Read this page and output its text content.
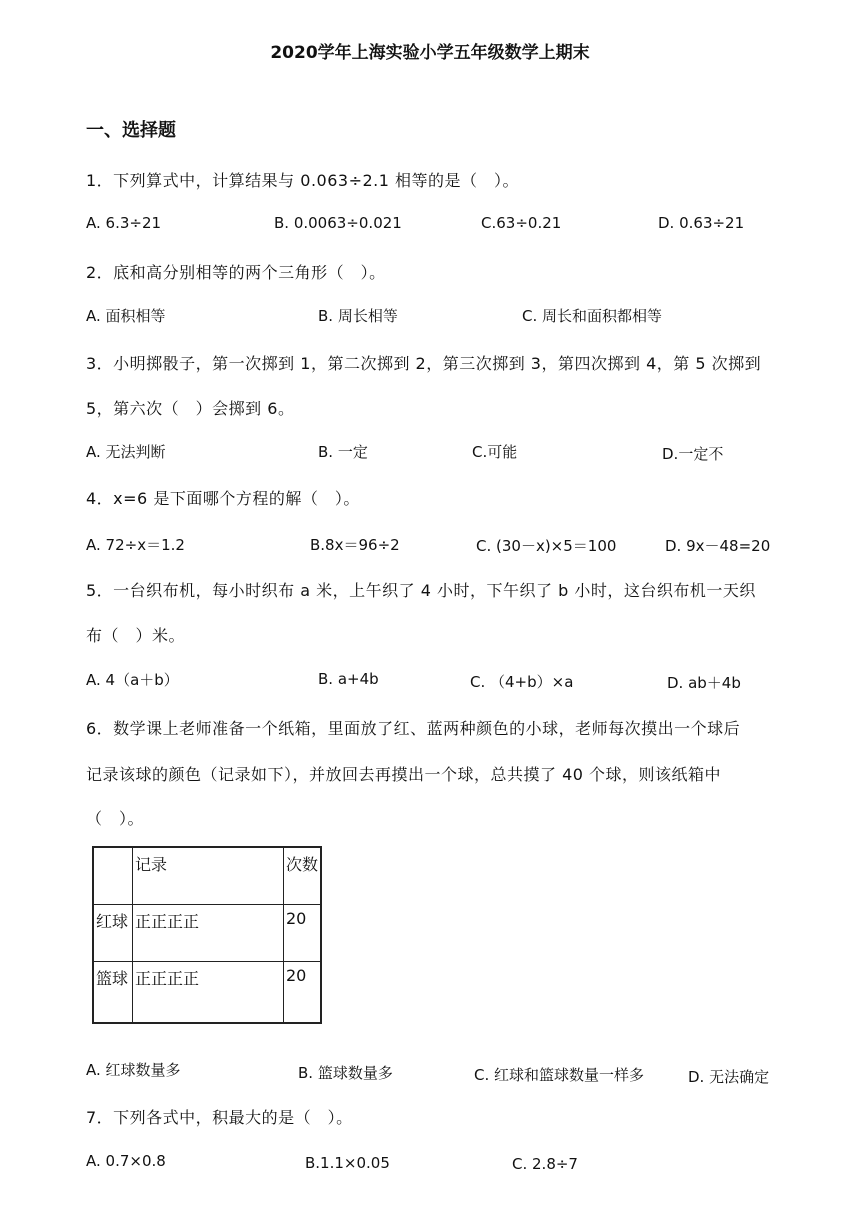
2020学年上海实验小学五年级数学上期末
一、选择题
1．下列算式中，计算结果与 0.063÷2.1 相等的是（　）。
A. 6.3÷21	B. 0.0063÷0.021	C.63÷0.21	D. 0.63÷21
2．底和高分别相等的两个三角形（　）。
A. 面积相等	B. 周长相等	C. 周长和面积都相等
3．小明掷骰子，第一次掷到 1，第二次掷到 2，第三次掷到 3，第四次掷到 4，第 5 次掷到
5，第六次（　）会掷到 6。
A. 无法判断	B. 一定	C.可能	D.一定不
4．x=6 是下面哪个方程的解（　）。
A. 72÷x＝1.2	B.8x＝96÷2	C. (30－x)×5＝100	D. 9x－48=20
5．一台织布机，每小时织布 a 米，上午织了 4 小时，下午织了 b 小时，这台织布机一天织
布（　）米。
A. 4（a＋b）	B. a+4b	C. （4+b）×a	D. ab＋4b
6．数学课上老师准备一个纸箱，里面放了红、蓝两种颜色的小球，老师每次摸出一个球后
记录该球的颜色（记录如下），并放回去再摸出一个球，总共摸了 40 个球，则该纸箱中
（　）。
	记录	次数
红球	正正正正	20
篮球	正正正正	20
A. 红球数量多	B. 篮球数量多	C. 红球和篮球数量一样多	D. 无法确定
7．下列各式中，积最大的是（　）。
A. 0.7×0.8	B.1.1×0.05	C. 2.8÷7
